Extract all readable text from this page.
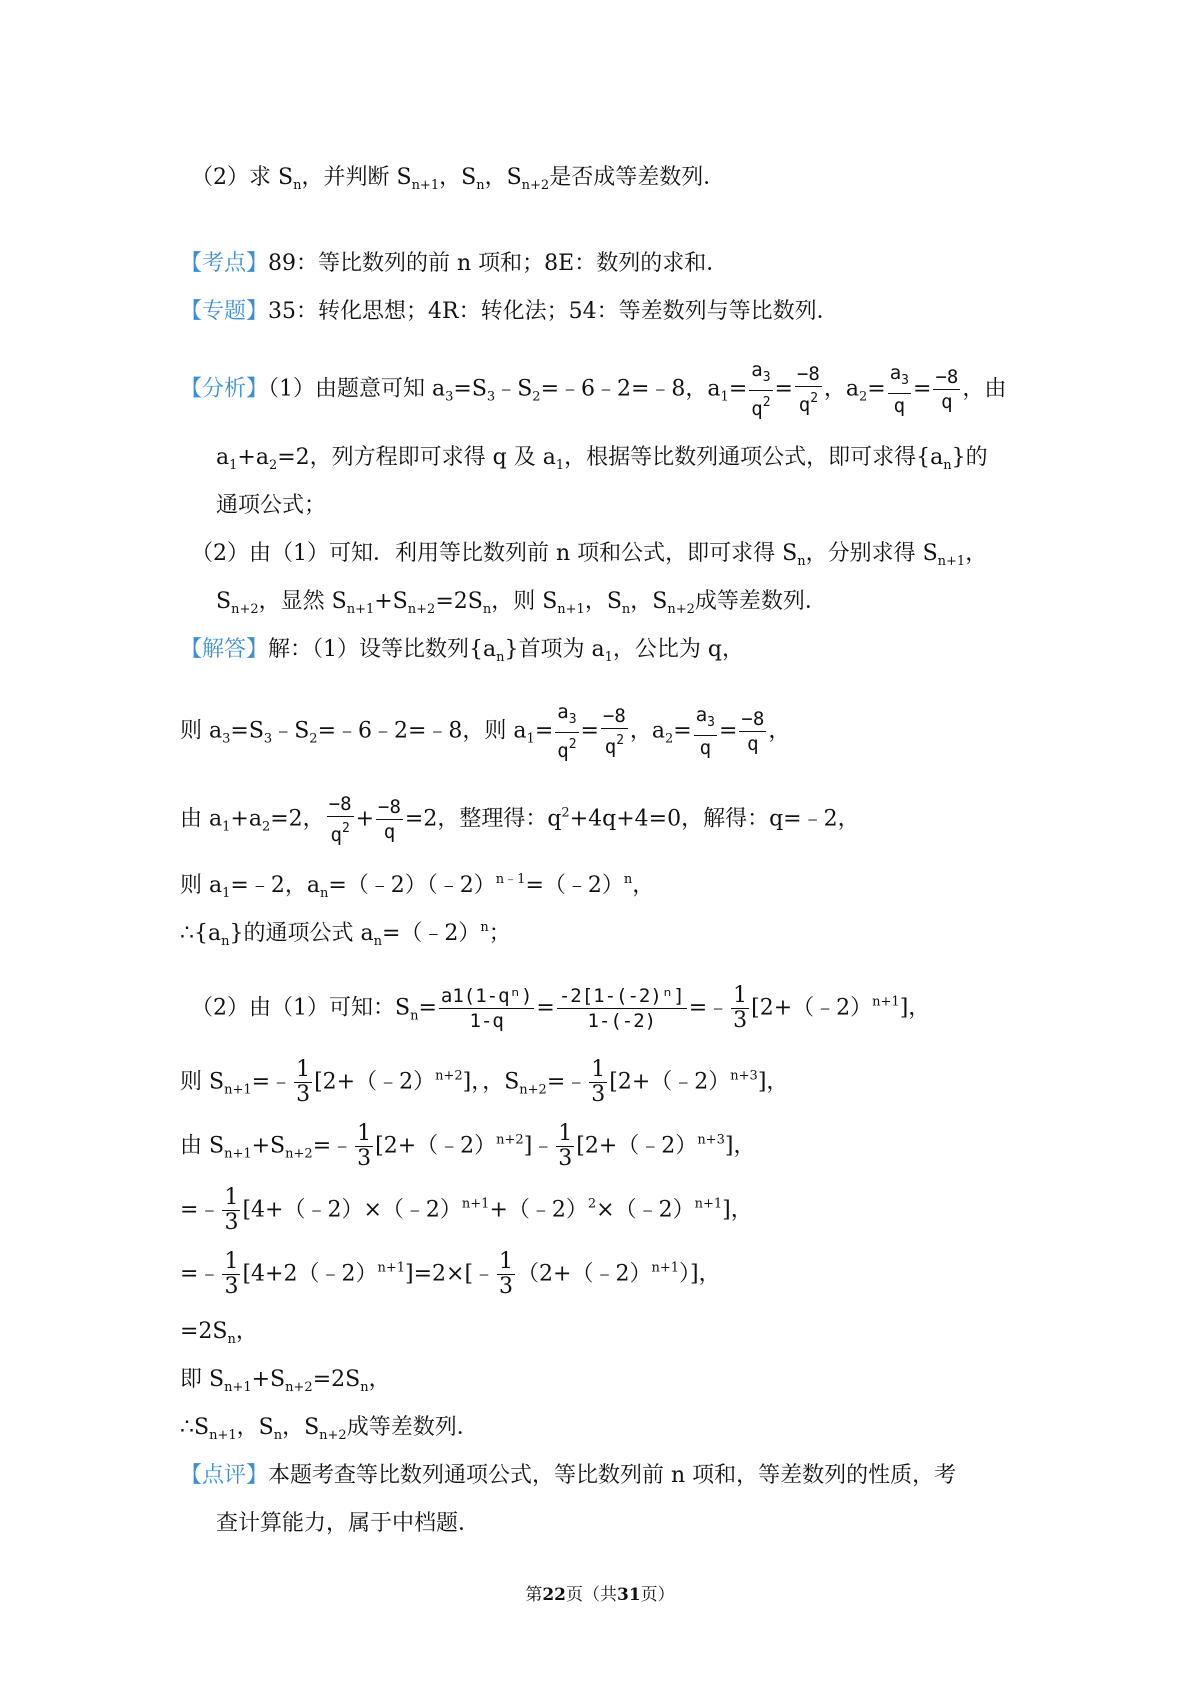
（2）求 $S_n$，并判断 $S_{n+1}$，$S_n$，$S_{n+2}$是否成等差数列．
【考点】89：等比数列的前 n 项和；8E：数列的求和．
【专题】35：转化思想；4R：转化法；54：等差数列与等比数列．
【分析】（1）由题意可知 $a_3=S_3﹣S_2=﹣6﹣2=﹣8$，$a_1= \frac{a_3}{q^2} = \frac{-8}{q^2}$ ，$a_2= \frac{a_3}{q} = \frac{-8}{q}$ ，由
$a_1+a_2=2$，列方程即可求得 q 及 $a_1$，根据等比数列通项公式，即可求得$\{a_n\}$的
通项公式；
（2）由（1）可知．利用等比数列前 n 项和公式，即可求得 $S_n$，分别求得 $S_{n+1}$，
$S_{n+2}$，显然 $S_{n+1}+S_{n+2}=2S_n$，则 $S_{n+1}$，$S_n$，$S_{n+2}$成等差数列．
【解答】解：（1）设等比数列$\{a_n\}$首项为 $a_1$，公比为 q，
则 $a_3=S_3﹣S_2=﹣6﹣2=﹣8$，则 $a_1= \frac{a_3}{q^2} = \frac{-8}{q^2}$ ，$a_2= \frac{a_3}{q} = \frac{-8}{q}$ ，
由 $a_1+a_2=2$， $\frac{-8}{q^2} + \frac{-8}{q} =2$，整理得：$q^2+4q+4=0$，解得：q=﹣2，
则 $a_1=﹣2$，$a_n=(﹣2)(﹣2)^{n﹣1}=(﹣2)^n$，
$\therefore\{a_n\}$的通项公式 $a_n=(﹣2)^n$；
（2）由（1）可知：$S_n= \frac{\text{a1(1-qⁿ)}}{1-q} = \frac{\text{-2[1-(-2)ⁿ]}}{1-(-2)}$ =﹣ $\frac{1}{3}$ [2+（﹣2）$^{n+1}$]，
则 $S_{n+1}=﹣ \frac{1}{3}$ [2+（﹣2）$^{n+2}$]，，$S_{n+2}=﹣ \frac{1}{3}$ [2+（﹣2）$^{n+3}$]，
由 $S_{n+1}+S_{n+2}=﹣ \frac{1}{3}$ [2+（﹣2）$^{n+2}$]﹣ $\frac{1}{3}$ [2+（﹣2）$^{n+3}$]，
=﹣ $\frac{1}{3}$ [4+（﹣2）×（﹣2）$^{n+1}$+（﹣2）$^2$×（﹣2）$^{n+1}$]，
=﹣ $\frac{1}{3}$ [4+2（﹣2）$^{n+1}$]=2×[﹣ $\frac{1}{3}$ （2+（﹣2）$^{n+1}$）]，
$=2S_n$，
即 $S_{n+1}+S_{n+2}=2S_n$，
$\therefore S_{n+1}$，$S_n$，$S_{n+2}$成等差数列．
【点评】本题考查等比数列通项公式，等比数列前 n 项和，等差数列的性质，考
查计算能力，属于中档题．
第22页（共31页）
